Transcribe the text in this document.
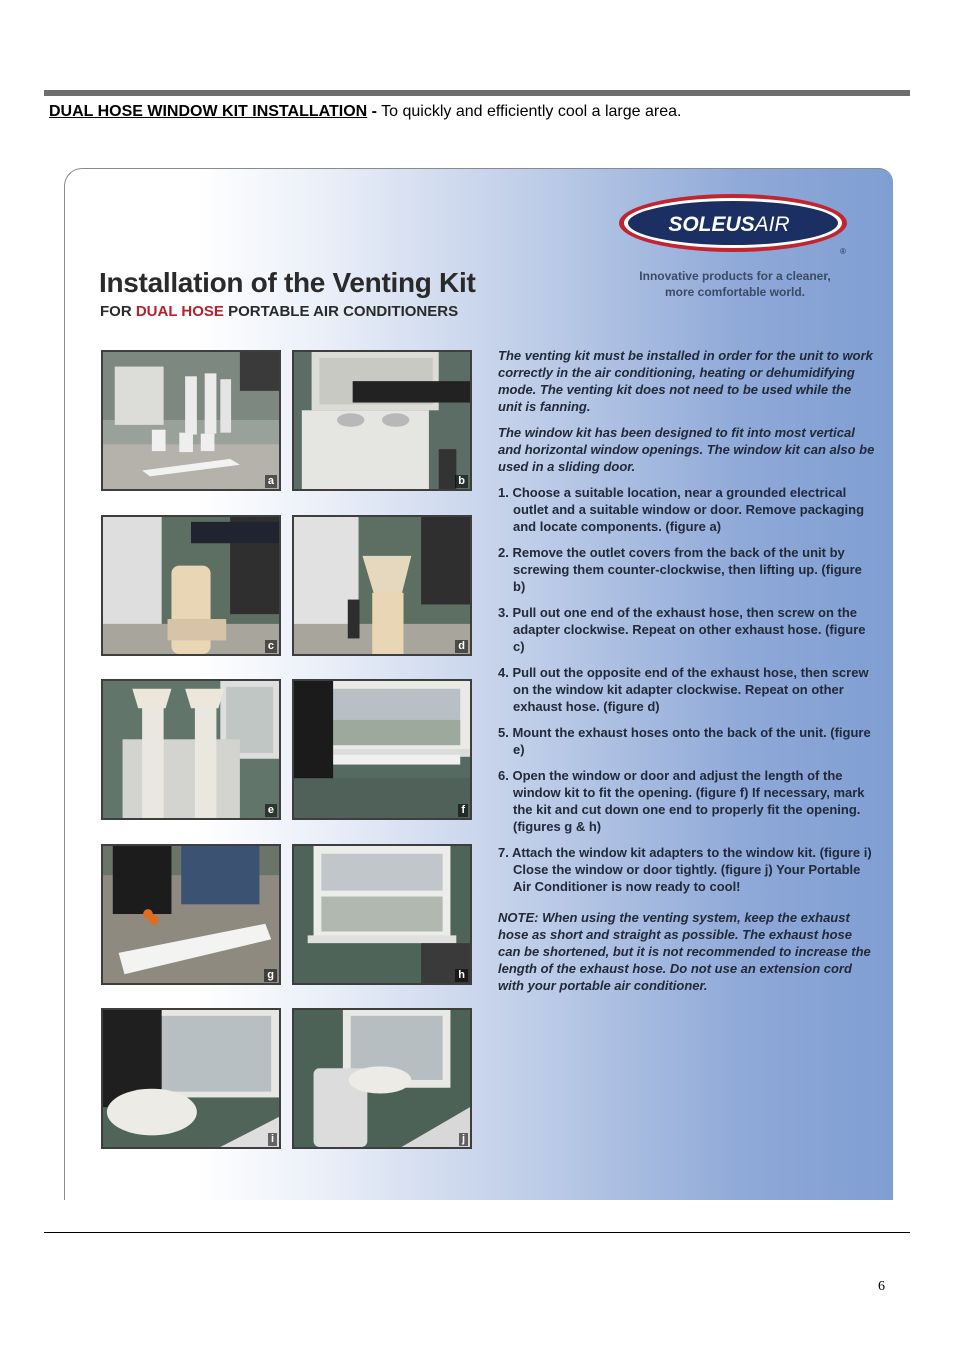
DUAL HOSE WINDOW KIT INSTALLATION - To quickly and efficiently cool a large area.
SOLEUSAIR
®
Innovative products for a cleaner,
more comfortable world.
Installation of the Venting Kit
FOR DUAL HOSE PORTABLE AIR CONDITIONERS
a	b
c	d
e	f
g	h
i	j

The venting kit must be installed in order for the unit to work correctly in the air conditioning, heating or dehumidifying mode. The venting kit does not need to be used while the unit is fanning.

The window kit has been designed to fit into most vertical and horizontal window openings. The window kit can also be used in a sliding door.

1. Choose a suitable location, near a grounded electrical outlet and a suitable window or door. Remove packaging and locate components. (figure a)
2. Remove the outlet covers from the back of the unit by screwing them counter-clockwise, then lifting up. (figure b)
3. Pull out one end of the exhaust hose, then screw on the adapter clockwise. Repeat on other exhaust hose. (figure c)
4. Pull out the opposite end of the exhaust hose, then screw on the window kit adapter clockwise. Repeat on other exhaust hose. (figure d)
5. Mount the exhaust hoses onto the back of the unit. (figure e)
6. Open the window or door and adjust the length of the window kit to fit the opening. (figure f) If necessary, mark the kit and cut down one end to properly fit the opening. (figures g & h)
7. Attach the window kit adapters to the window kit. (figure i) Close the window or door tightly. (figure j) Your Portable Air Conditioner is now ready to cool!

NOTE: When using the venting system, keep the exhaust hose as short and straight as possible. The exhaust hose can be shortened, but it is not recommended to increase the length of the exhaust hose. Do not use an extension cord with your portable air conditioner.

6
